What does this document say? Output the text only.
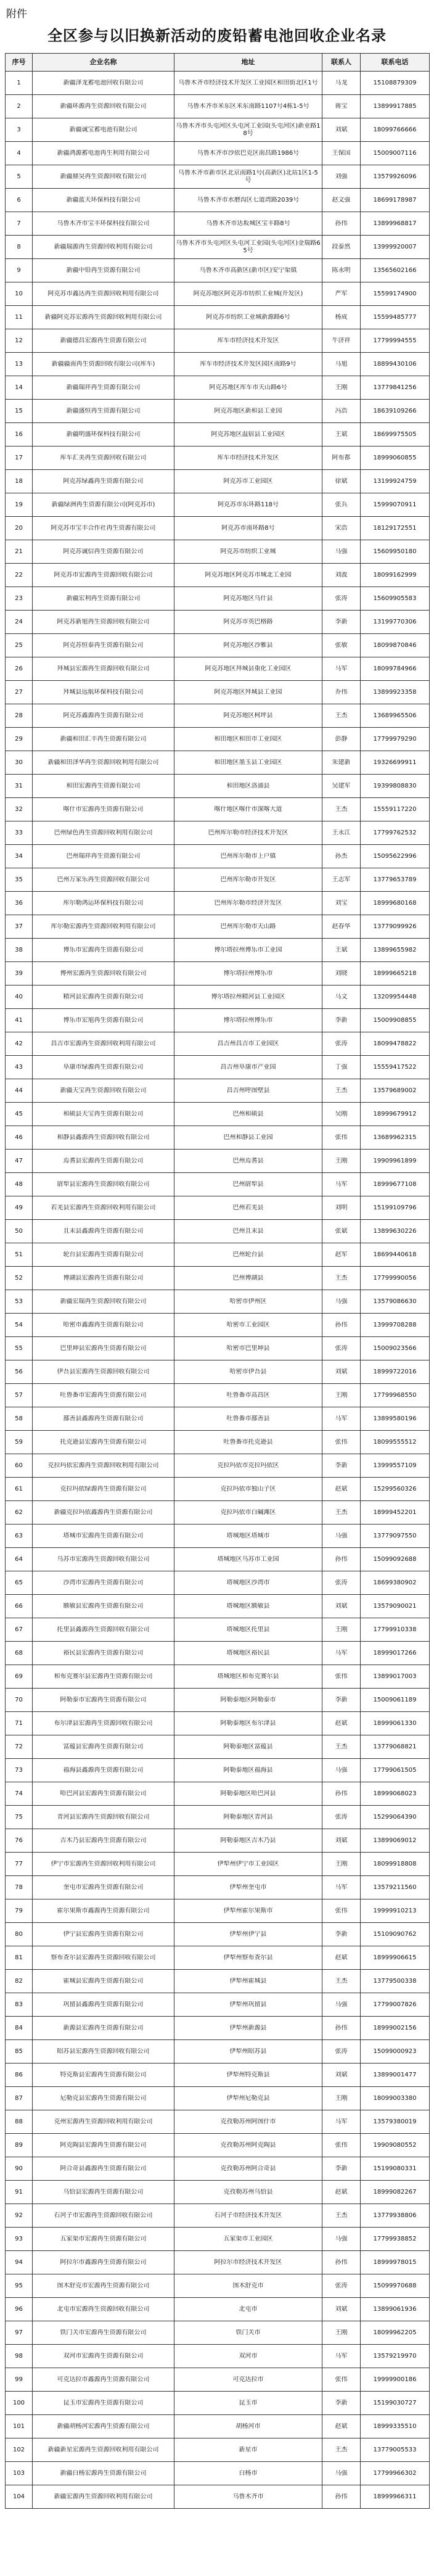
附件
全区参与以旧换新活动的废铅蓄电池回收企业名录
序号	企业名称	地址	联系人	联系电话

1	新疆泽龙蓄电池回收有限公司	乌鲁木齐市经济技术开发区工业园区和田街北区1号	马龙	15108879309

2	新疆环源再生资源回收有限公司	乌鲁木齐市米东区米东南路1107号4栋1-5号	蒋宝	13899917885

3	新疆诚宝蓄电池有限公司	乌鲁木齐市头屯河区头屯河工业园(头屯河区)新业路18号	刘斌	18099766666

4	新疆鸿源蓄电池再生利用有限公司	乌鲁木齐市沙依巴克区南昌路1986号	王保国	15009007116

5	新疆鼎昊再生资源回收有限公司	乌鲁木齐市新市区北京南路1号(高新区)北站1区1-5号	刘强	13579926096

6	新疆蓝天环保科技有限公司	乌鲁木齐市水磨沟区七道湾路2039号	赵文强	18699178987

7	乌鲁木齐市宝丰环保科技有限公司	乌鲁木齐市达坂城区宝丰路8号	孙伟	13899968817

8	新疆瑞源再生资源回收利用有限公司	乌鲁木齐市头屯河区头屯河工业园(头屯河区)金瑞路65号	段泰然	13999920007

9	新疆中铅再生资源有限公司	乌鲁木齐市高新区(新市区)安宁渠镇	陈永明	13565602166

10	阿克苏市鑫达再生资源回收利用有限公司	阿克苏地区阿克苏市纺织工业城(开发区)	严军	15599174900

11	新疆阿克苏宏源再生资源回收利用有限公司	阿克苏市纺织工业城新源路6号	杨成	15599485777

12	新疆德昌宏源再生资源有限公司	库车市经济技术开发区	牛济祥	17799994555

13	新疆疆南再生资源回收有限公司(库车)	库车市经济技术开发区园区南路9号	马旭	18899430106

14	新疆瑞祥再生资源有限公司	阿克苏地区库车市天山路6号	王刚	13779841256

15	新疆盛恒再生资源有限公司	阿克苏地区新和县工业园	冯浩	18639109266

16	新疆明盛环保科技有限公司	阿克苏地区温宿县工业园区	王斌	18699975505

17	库车汇美再生资源回收有限公司	库车市经济技术开发区	阿布都	18999060855

18	阿克苏绿鑫再生资源有限公司	阿克苏市工业园区	徐斌	13199924759

19	新疆绿洲再生资源有限公司(阿克苏市)	阿克苏市东环路118号	张兵	15999070911

20	阿克苏市宝丰合作社再生资源有限公司	阿克苏市南环路8号	宋浩	18129172551

21	阿克苏诚信再生资源有限公司	阿克苏市纺织工业城	马强	15609950180

22	阿克苏市宏源再生资源回收有限公司	阿克苏地区阿克苏市城北工业园	刘波	18099162999

23	新疆宏利再生资源有限公司	阿克苏地区乌什县	张涛	15609905583

24	阿克苏新旭再生资源回收有限公司	阿克苏市英巴格路	李新	13199770306

25	阿克苏恒泰再生资源有限公司	阿克苏地区沙雅县	张敏	18099870846

26	拜城县宏源再生资源回收有限公司	阿克苏地区拜城县重化工业园区	马军	18099784966

27	拜城县远航环保科技有限公司	阿克苏地区拜城县工业园	乔伟	13899923358

28	阿克苏鑫源再生资源有限公司	阿克苏地区柯坪县	王杰	13689965506

29	新疆和田汇丰再生资源有限公司	和田地区和田市工业园区	彭静	17799979290

30	新疆和田泽华再生资源回收利用有限公司	和田地区墨玉县工业园区	朱建新	19326699911

31	和田宏源再生资源有限公司	和田地区洛浦县	吴建军	19399808830

32	喀什市宏源再生资源有限公司	喀什地区喀什市深喀大道	王杰	15559117220

33	巴州绿色再生资源回收利用有限公司	巴州库尔勒市经济技术开发区	王永江	17799762532

34	巴州瑞祥再生资源有限公司	巴州库尔勒市上户镇	孙杰	15095622996

35	巴州万家乐再生资源回收有限公司	巴州库尔勒市开发区	王志军	13779653789

36	库尔勒鸿运环保科技有限公司	巴州库尔勒市经济开发区	刘宝	18999680168

37	库尔勒宏源再生资源回收利用有限公司	巴州库尔勒市天山路	赵春华	13779099926

38	博乐市宏源再生资源有限公司	博尔塔拉州博乐市工业园	王斌	13899655982

39	博州宏源再生资源回收有限公司	博尔塔拉州博乐市	刘晓	18999665218

40	精河县宏源再生资源有限公司	博尔塔拉州精河县工业园区	马文	13209954448

41	博乐市宏旭再生资源有限公司	博尔塔拉州博乐市	李新	15009908855

42	昌吉市宏源再生资源回收利用有限公司	昌吉州昌吉市工业园区	张涛	18099478822

43	阜康市绿源再生资源有限公司	昌吉州阜康市产业园	丁强	15559417522

44	新疆天宝再生资源回收有限公司	昌吉州呼图壁县	王杰	13579689002

45	和硕县天宝再生资源有限公司	巴州和硕县	吴刚	18999679912

46	和静县鑫源再生资源回收有限公司	巴州和静县工业园	张伟	13689962315

47	焉耆县宏源再生资源有限公司	巴州焉耆县	王刚	19909961899

48	尉犁县宏源再生资源回收有限公司	巴州尉犁县	马军	18999677108

49	若羌县宏源再生资源回收利用有限公司	巴州若羌县	刘明	15199109796

50	且末县鑫源再生资源有限公司	巴州且末县	张斌	13899630226

51	轮台县宏源再生资源有限公司	巴州轮台县	赵军	18699440618

52	博湖县宏源再生资源有限公司	巴州博湖县	王杰	17799990056

53	新疆宏瑞再生资源回收有限公司	哈密市伊州区	马强	13579086630

54	哈密市鑫源再生资源有限公司	哈密市工业园区	孙伟	13999708288

55	巴里坤县宏源再生资源有限公司	哈密市巴里坤县	张涛	15009023566

56	伊吾县宏源再生资源回收有限公司	哈密市伊吾县	刘斌	18999722016

57	吐鲁番市宏源再生资源有限公司	吐鲁番市高昌区	王刚	17799968550

58	鄯善县鑫源再生资源有限公司	吐鲁番市鄯善县	马军	13899580196

59	托克逊县宏源再生资源有限公司	吐鲁番市托克逊县	张伟	18099555512

60	克拉玛依宏源再生资源回收利用有限公司	克拉玛依市克拉玛依区	李新	13999557109

61	克拉玛依绿源再生资源有限公司	克拉玛依市独山子区	赵斌	15299560326

62	新疆克拉玛依鑫源再生资源有限公司	克拉玛依市白碱滩区	王杰	18999452201

63	塔城市宏源再生资源有限公司	塔城地区塔城市	马强	13779097550

64	乌苏市宏源再生资源回收有限公司	塔城地区乌苏市工业园	孙伟	15099092688

65	沙湾市宏源再生资源有限公司	塔城地区沙湾市	张涛	18699380902

66	额敏县宏源再生资源有限公司	塔城地区额敏县	刘斌	13579090021

67	托里县鑫源再生资源回收有限公司	塔城地区托里县	王刚	17799910338

68	裕民县宏源再生资源有限公司	塔城地区裕民县	马军	18999017266

69	和布克赛尔县宏源再生资源有限公司	塔城地区和布克赛尔县	张伟	13899017003

70	阿勒泰市宏源再生资源有限公司	阿勒泰地区阿勒泰市	李新	15009061189

71	布尔津县宏源再生资源回收有限公司	阿勒泰地区布尔津县	赵斌	18999061330

72	富蕴县宏源再生资源有限公司	阿勒泰地区富蕴县	王杰	13779068821

73	福海县鑫源再生资源有限公司	阿勒泰地区福海县	马强	17799061505

74	哈巴河县宏源再生资源有限公司	阿勒泰地区哈巴河县	孙伟	18999068023

75	青河县宏源再生资源回收有限公司	阿勒泰地区青河县	张涛	15299064390

76	吉木乃县宏源再生资源有限公司	阿勒泰地区吉木乃县	刘斌	13899069012

77	伊宁市宏源再生资源回收利用有限公司	伊犁州伊宁市工业园区	王刚	18099918808

78	奎屯市宏源再生资源有限公司	伊犁州奎屯市	马军	13579211560

79	霍尔果斯市鑫源再生资源有限公司	伊犁州霍尔果斯市	张伟	19999910213

80	伊宁县宏源再生资源有限公司	伊犁州伊宁县	李新	15109090762

81	察布查尔县宏源再生资源回收有限公司	伊犁州察布查尔县	赵斌	18999906615

82	霍城县宏源再生资源有限公司	伊犁州霍城县	王杰	13779500338

83	巩留县鑫源再生资源有限公司	伊犁州巩留县	马强	17799007826

84	新源县宏源再生资源有限公司	伊犁州新源县	孙伟	18999002156

85	昭苏县宏源再生资源回收有限公司	伊犁州昭苏县	张涛	15099000923

86	特克斯县宏源再生资源有限公司	伊犁州特克斯县	刘斌	13899001477

87	尼勒克县宏源再生资源有限公司	伊犁州尼勒克县	王刚	18099003380

88	克州宏源再生资源回收利用有限公司	克孜勒苏州阿图什市	马军	13579380019

89	阿克陶县宏源再生资源有限公司	克孜勒苏州阿克陶县	张伟	19909080552

90	阿合奇县鑫源再生资源有限公司	克孜勒苏州阿合奇县	李新	15199080331

91	乌恰县宏源再生资源有限公司	克孜勒苏州乌恰县	赵斌	18999082267

92	石河子市宏源再生资源回收有限公司	石河子市经济技术开发区	王杰	13779938806

93	五家渠市宏源再生资源有限公司	五家渠市工业园区	马强	17799938852

94	阿拉尔市鑫源再生资源有限公司	阿拉尔市经济技术开发区	孙伟	18999978015

95	图木舒克市宏源再生资源有限公司	图木舒克市	张涛	15099970688

96	北屯市宏源再生资源回收有限公司	北屯市	刘斌	13899061936

97	铁门关市宏源再生资源有限公司	铁门关市	王刚	18099962205

98	双河市宏源再生资源有限公司	双河市	马军	13579219970

99	可克达拉市鑫源再生资源有限公司	可克达拉市	张伟	19999900186

100	昆玉市宏源再生资源有限公司	昆玉市	李新	15199030727

101	新疆胡杨河宏源再生资源有限公司	胡杨河市	赵斌	18999335510

102	新疆新星宏源再生资源回收利用有限公司	新星市	王杰	13779005533

103	新疆白杨宏源再生资源有限公司	白杨市	马强	17799966302

104	新疆宏源再生资源回收利用有限公司	乌鲁木齐市	孙伟	18999966311
